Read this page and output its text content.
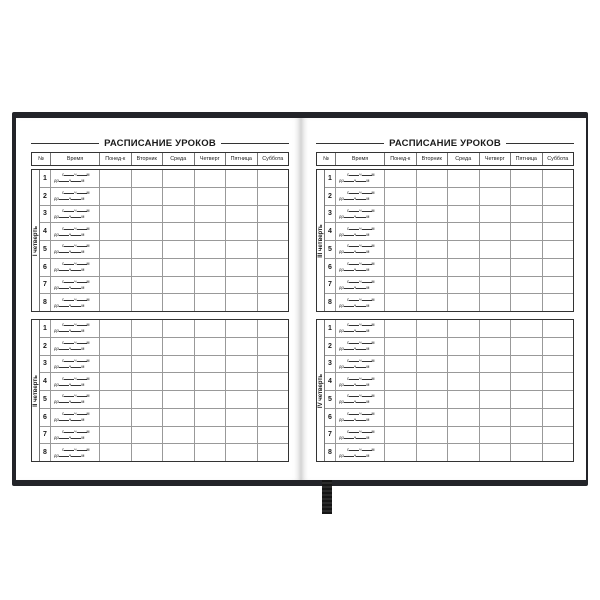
РАСПИСАНИЕ УРОКОВ
№	Время	Понед-к	Вторник	Среда	Четверг	Пятница	Суббота
I четверть
1	с ч м
до ч м
2	с ч м
до ч м
3	с ч м
до ч м
4	с ч м
до ч м
5	с ч м
до ч м
6	с ч м
до ч м
7	с ч м
до ч м
8	с ч м
до ч м
II четверть
1	с ч м
до ч м
2	с ч м
до ч м
3	с ч м
до ч м
4	с ч м
до ч м
5	с ч м
до ч м
6	с ч м
до ч м
7	с ч м
до ч м
8	с ч м
до ч м
РАСПИСАНИЕ УРОКОВ
№	Время	Понед-к	Вторник	Среда	Четверг	Пятница	Суббота
III четверть
1	с ч м
до ч м
2	с ч м
до ч м
3	с ч м
до ч м
4	с ч м
до ч м
5	с ч м
до ч м
6	с ч м
до ч м
7	с ч м
до ч м
8	с ч м
до ч м
IV четверть
1	с ч м
до ч м
2	с ч м
до ч м
3	с ч м
до ч м
4	с ч м
до ч м
5	с ч м
до ч м
6	с ч м
до ч м
7	с ч м
до ч м
8	с ч м
до ч м
